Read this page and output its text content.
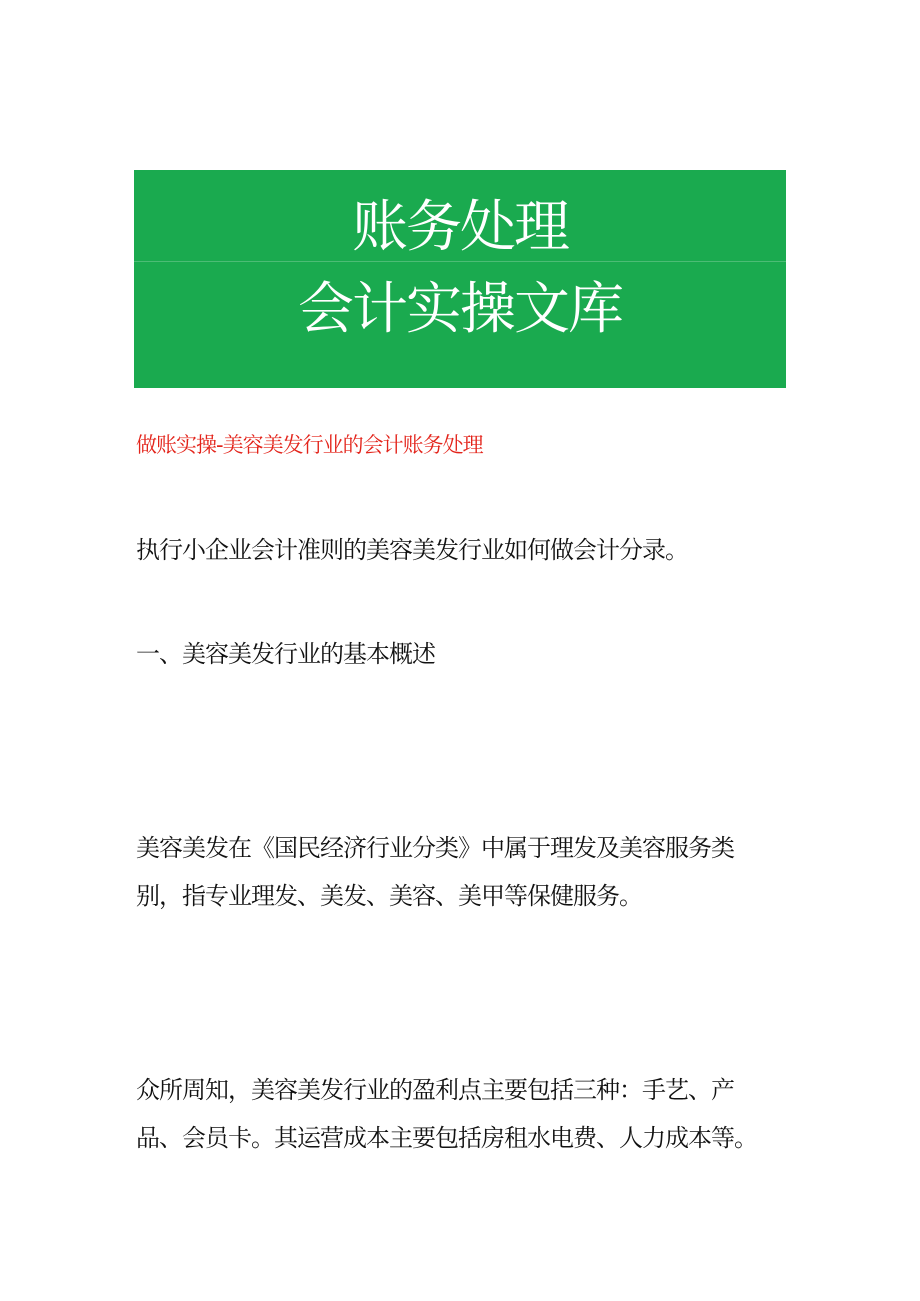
账务处理
会计实操文库
做账实操-美容美发行业的会计账务处理
执行小企业会计准则的美容美发行业如何做会计分录。
一、美容美发行业的基本概述
美容美发在《国民经济行业分类》中属于理发及美容服务类
别，指专业理发、美发、美容、美甲等保健服务。
众所周知，美容美发行业的盈利点主要包括三种：手艺、产
品、会员卡。其运营成本主要包括房租水电费、人力成本等。
